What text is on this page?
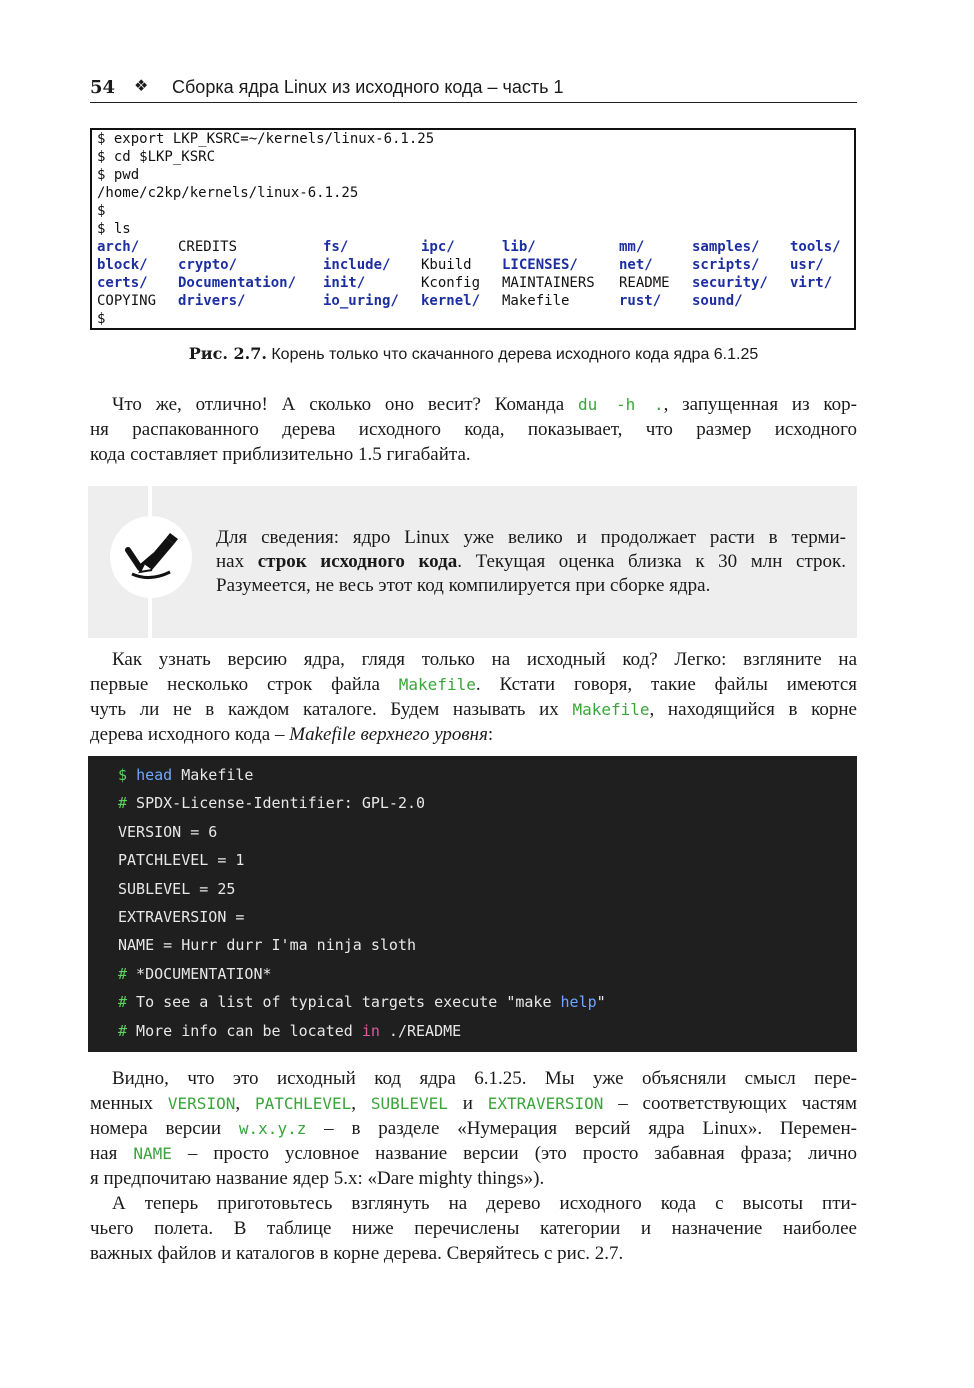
54 ❖ Сборка ядра Linux из исходного кода – часть 1
$ export LKP_KSRC=~/kernels/linux-6.1.25
$ cd $LKP_KSRC
$ pwd
/home/c2kp/kernels/linux-6.1.25
$
$ ls
arch/	CREDITS	fs/	ipc/	lib/	mm/	samples/ tools/
block/ crypto/	include/ Kbuild LICENSES/	net/	scripts/ usr/
certs/ Documentation/ init/	Kconfig MAINTAINERS README security/ virt/
COPYING drivers/	io_uring/ kernel/ Makefile	rust/ sound/
$
Рис. 2.7. Корень только что скачанного дерева исходного кода ядра 6.1.25
Что же, отлично! А сколько оно весит? Команда du -h ., запущенная из кор-
ня распакованного дерева исходного кода, показывает, что размер исходного
кода составляет приблизительно 1.5 гигабайта.
Для сведения: ядро Linux уже велико и продолжает расти в терми-
нах строк исходного кода. Текущая оценка близка к 30 млн строк.
Разумеется, не весь этот код компилируется при сборке ядра.
Как узнать версию ядра, глядя только на исходный код? Легко: взгляните на
первые несколько строк файла Makefile. Кстати говоря, такие файлы имеются
чуть ли не в каждом каталоге. Будем называть их Makefile, находящийся в корне
дерева исходного кода – Makefile верхнего уровня:
$ head Makefile
# SPDX-License-Identifier: GPL-2.0
VERSION = 6
PATCHLEVEL = 1
SUBLEVEL = 25
EXTRAVERSION =
NAME = Hurr durr I'ma ninja sloth
# *DOCUMENTATION*
# To see a list of typical targets execute "make help"
# More info can be located in ./README
Видно, что это исходный код ядра 6.1.25. Мы уже объясняли смысл пере-
менных VERSION, PATCHLEVEL, SUBLEVEL и EXTRAVERSION – соответствующих частям
номера версии w.x.y.z – в разделе «Нумерация версий ядра Linux». Перемен-
ная NAME – просто условное название версии (это просто забавная фраза; лично
я предпочитаю название ядер 5.x: «Dare mighty things»).
А теперь приготовьтесь взглянуть на дерево исходного кода с высоты пти-
чьего полета. В таблице ниже перечислены категории и назначение наиболее
важных файлов и каталогов в корне дерева. Сверяйтесь с рис. 2.7.
